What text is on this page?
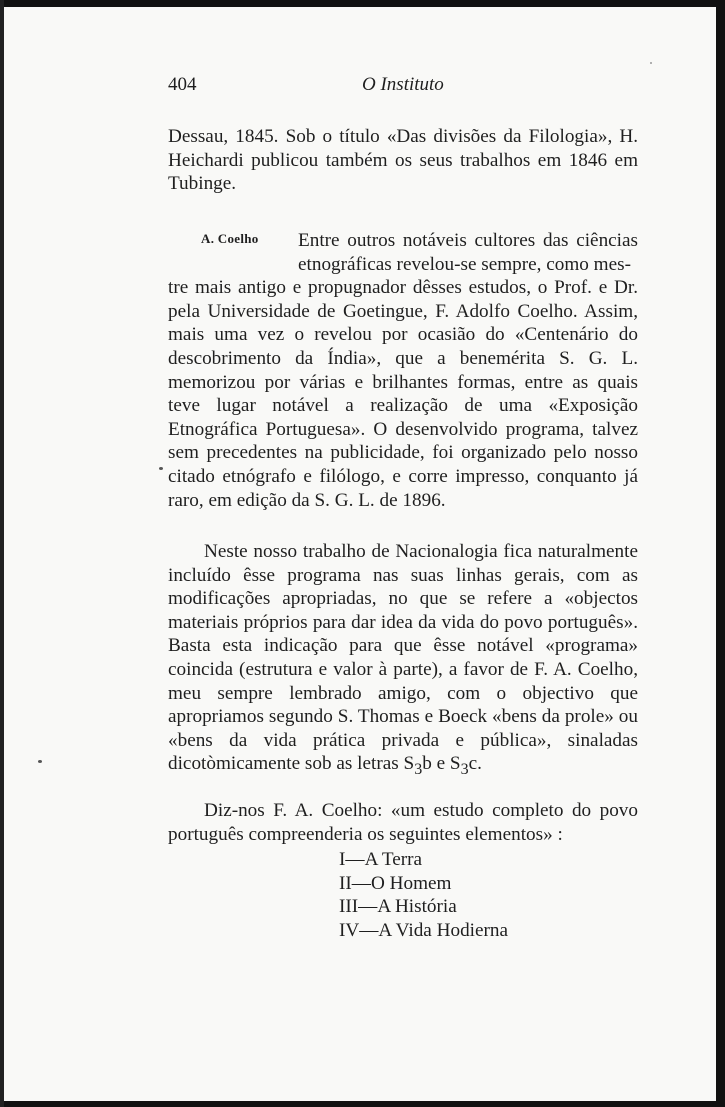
404	O Instituto

Dessau, 1845. Sob o título «Das divisões da Filologia», H. Heichardi publicou também os seus trabalhos em 1846 em Tubinge.

A. Coelho	Entre outros notáveis cultores das ciências etnográficas revelou-se sempre, como mes-
tre mais antigo e propugnador dêsses estudos, o Prof. e Dr. pela Universidade de Goetingue, F. Adolfo Coelho. Assim, mais uma vez o revelou por ocasião do «Centenário do descobrimento da Índia», que a benemérita S. G. L. memorizou por várias e brilhantes formas, entre as quais teve lugar notável a realização de uma «Exposição Etnográfica Portuguesa». O desenvolvido programa, talvez sem precedentes na publicidade, foi organizado pelo nosso citado etnógrafo e filólogo, e corre impresso, conquanto já raro, em edição da S. G. L. de 1896.

Neste nosso trabalho de Nacionalogia fica naturalmente incluído êsse programa nas suas linhas gerais, com as modificações apropriadas, no que se refere a «objectos materiais próprios para dar idea da vida do povo português». Basta esta indicação para que êsse notável «programa» coincida (estrutura e valor à parte), a favor de F. A. Coelho, meu sempre lembrado amigo, com o objectivo que apropriamos segundo S. Thomas e Boeck «bens da prole» ou «bens da vida prática privada e pública», sinaladas dicotòmicamente sob as letras $S_3b$ e $S_3c$.

Diz-nos F. A. Coelho: «um estudo completo do povo português compreenderia os seguintes elementos» :

I—A Terra
II—O Homem
III—A História
IV—A Vida Hodierna
